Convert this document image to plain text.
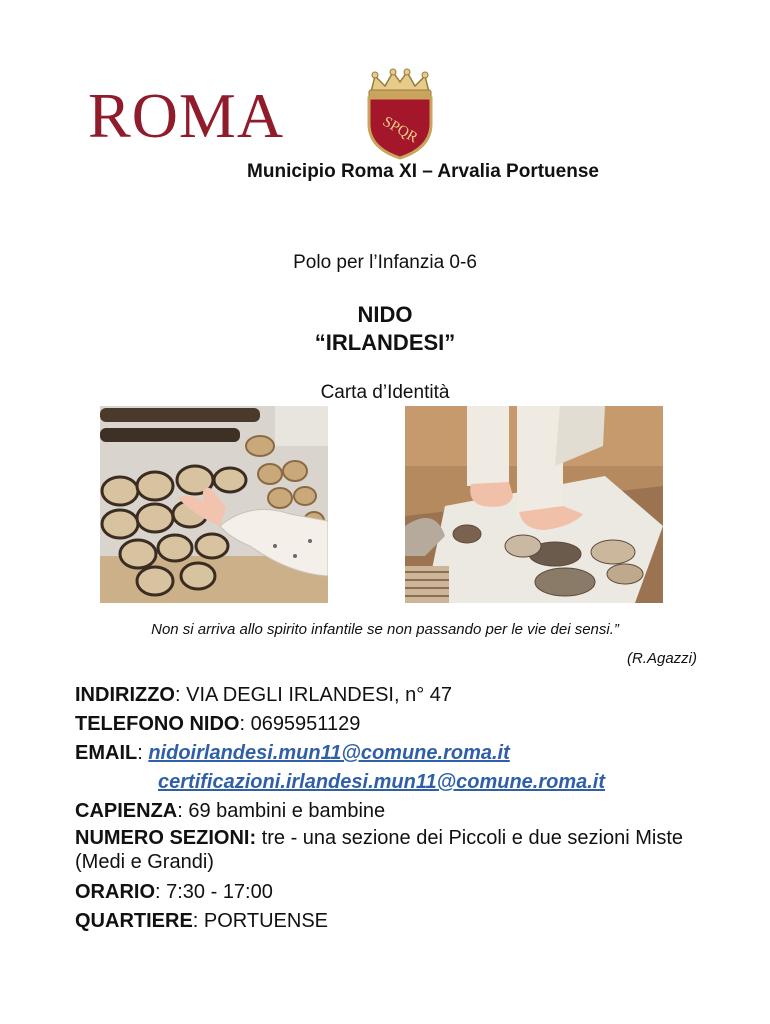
ROMA	SPQR
Municipio Roma XI – Arvalia Portuense
Polo per l’Infanzia 0-6
NIDO
“IRLANDESI”
Carta d’Identità
Non si arriva allo spirito infantile se non passando per le vie dei sensi.”
(R.Agazzi)
INDIRIZZO: VIA DEGLI IRLANDESI, n° 47
TELEFONO NIDO: 0695951129
EMAIL: nidoirlandesi.mun11@comune.roma.it
certificazioni.irlandesi.mun11@comune.roma.it
CAPIENZA: 69 bambini e bambine
NUMERO SEZIONI: tre - una sezione dei Piccoli e due sezioni Miste    (Medi e Grandi)
ORARIO: 7:30 - 17:00
QUARTIERE: PORTUENSE
